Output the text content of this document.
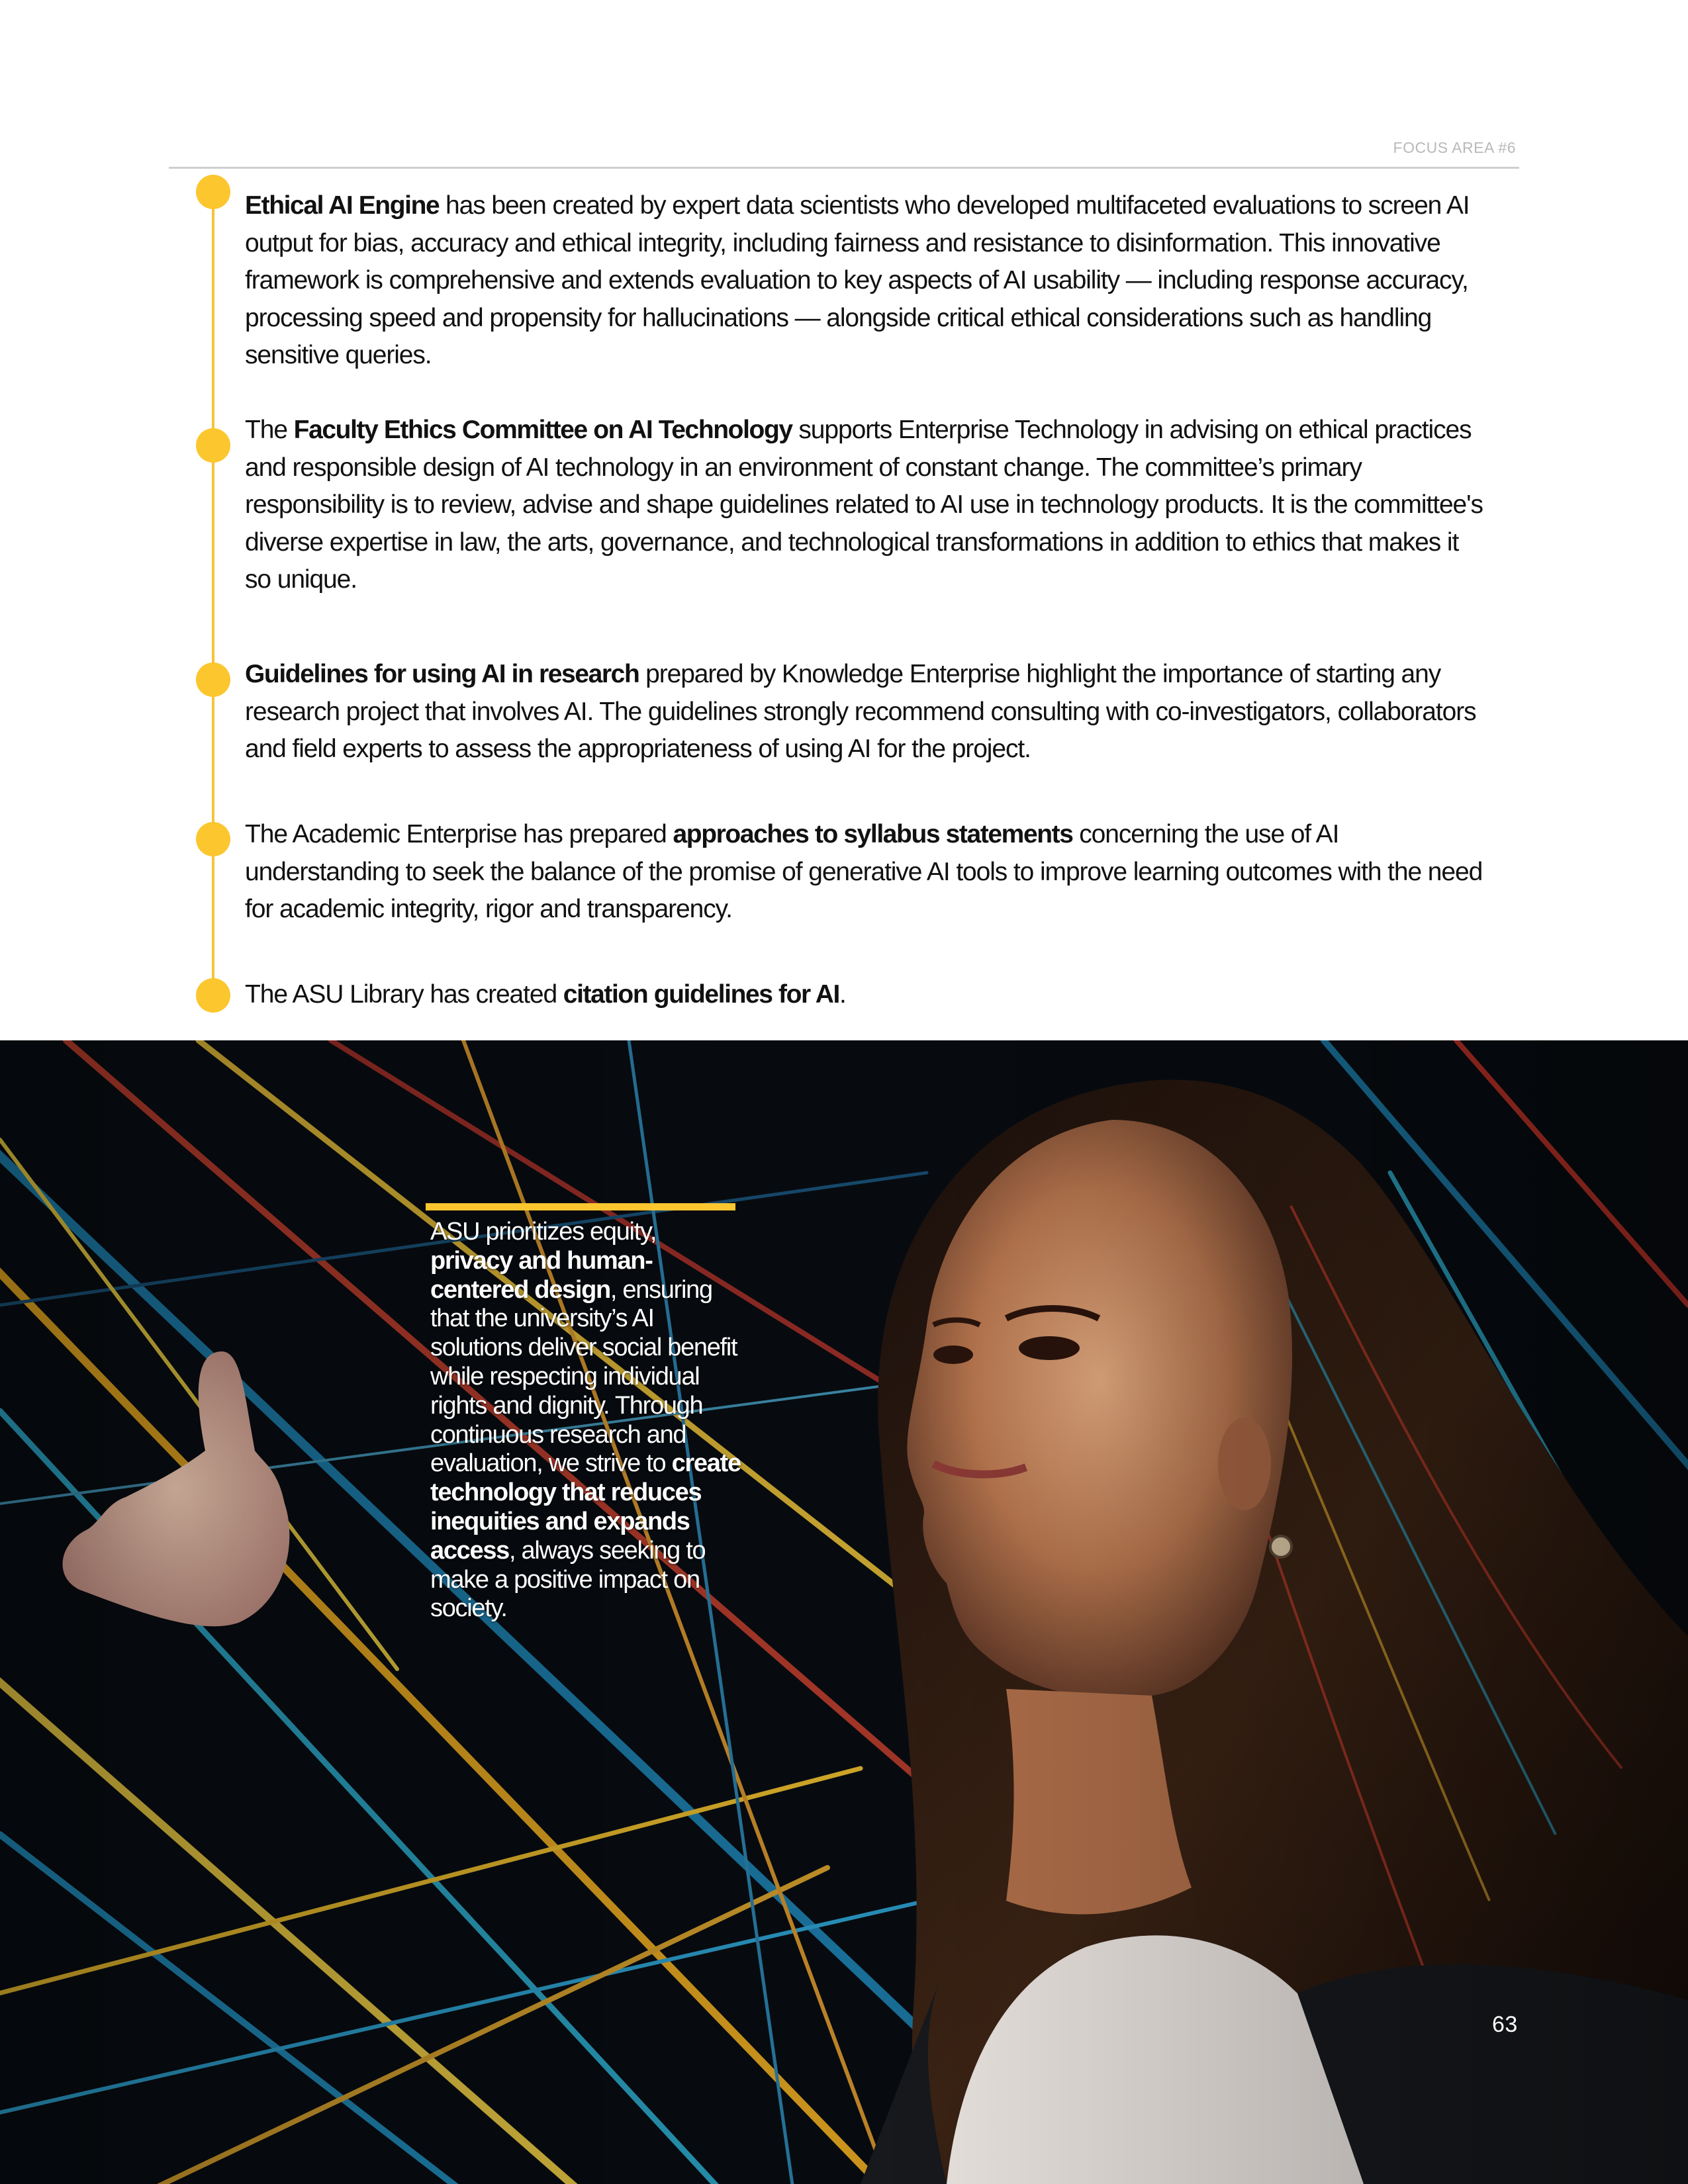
FOCUS AREA #6

Ethical AI Engine has been created by expert data scientists who developed multifaceted evaluations to screen AI output for bias, accuracy and ethical integrity, including fairness and resistance to disinformation. This innovative framework is comprehensive and extends evaluation to key aspects of AI usability — including response accuracy, processing speed and propensity for hallucinations — alongside critical ethical considerations such as handling sensitive queries.

The Faculty Ethics Committee on AI Technology supports Enterprise Technology in advising on ethical practices and responsible design of AI technology in an environment of constant change. The committee’s primary responsibility is to review, advise and shape guidelines related to AI use in technology products. It is the committee's diverse expertise in law, the arts, governance, and technological transformations in addition to ethics that makes it so unique.

Guidelines for using AI in research prepared by Knowledge Enterprise highlight the importance of starting any research project that involves AI. The guidelines strongly recommend consulting with co-investigators, collaborators and field experts to assess the appropriateness of using AI for the project.

The Academic Enterprise has prepared approaches to syllabus statements concerning the use of AI understanding to seek the balance of the promise of generative AI tools to improve learning outcomes with the need for academic integrity, rigor and transparency.

The ASU Library has created citation guidelines for AI.

ASU prioritizes equity, privacy and human-centered design, ensuring that the university’s AI solutions deliver social benefit while respecting individual rights and dignity. Through continuous research and evaluation, we strive to create technology that reduces inequities and expands access, always seeking to make a positive impact on society.

63
